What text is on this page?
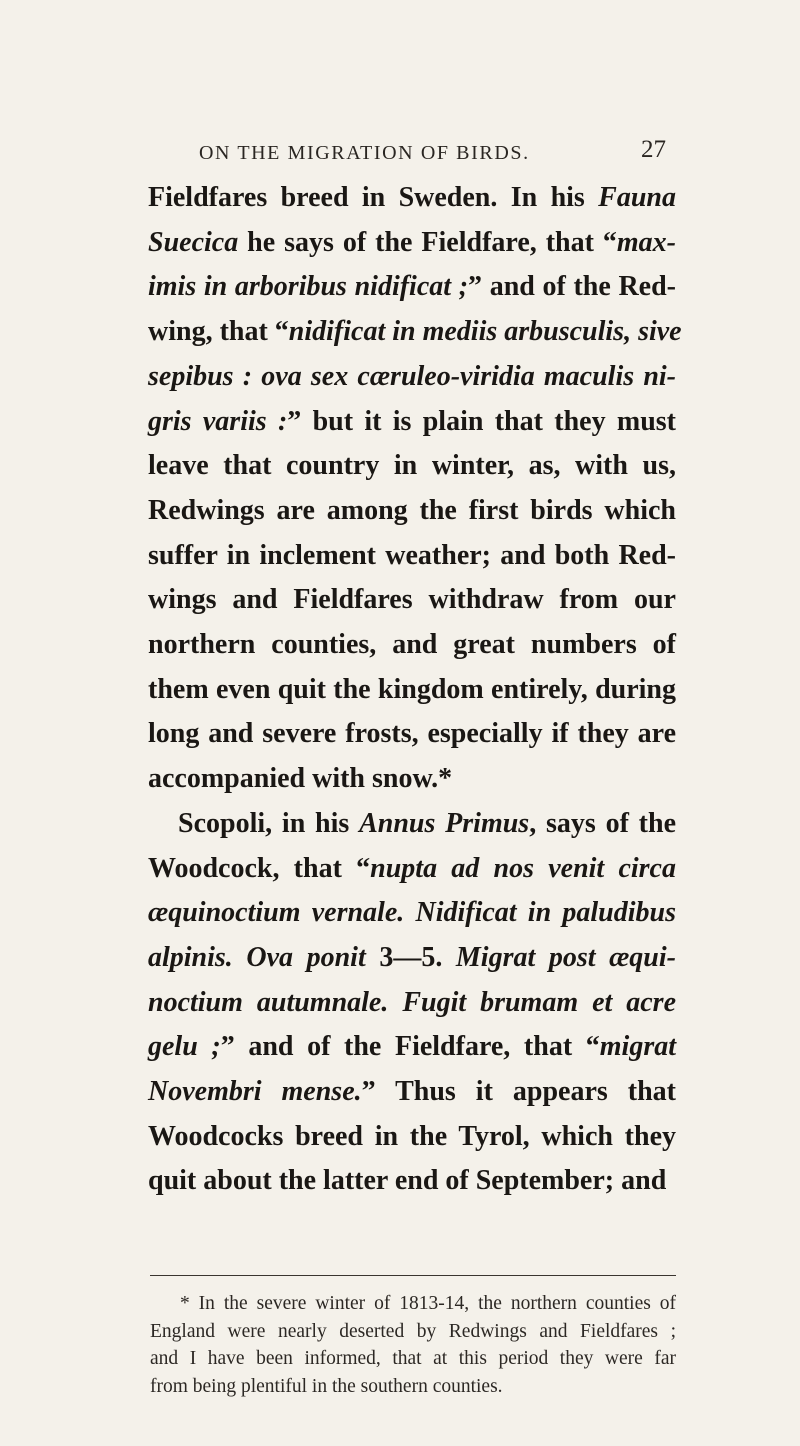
ON THE MIGRATION OF BIRDS.	27
Fieldfares breed in Sweden. In his Fauna
Suecica he says of the Fieldfare, that “max-
imis in arboribus nidificat ;” and of the Red-
wing, that “nidificat in mediis arbusculis, sive
sepibus : ova sex cæruleo-viridia maculis ni-
gris variis :” but it is plain that they must
leave that country in winter, as, with us,
Redwings are among the first birds which
suffer in inclement weather; and both Red-
wings and Fieldfares withdraw from our
northern counties, and great numbers of
them even quit the kingdom entirely, during
long and severe frosts, especially if they are
accompanied with snow.*
Scopoli, in his Annus Primus, says of the
Woodcock, that “nupta ad nos venit circa
æquinoctium vernale. Nidificat in paludibus
alpinis. Ova ponit 3—5. Migrat post æqui-
noctium autumnale. Fugit brumam et acre
gelu ;” and of the Fieldfare, that “migrat
Novembri mense.” Thus it appears that
Woodcocks breed in the Tyrol, which they
quit about the latter end of September; and
* In the severe winter of 1813-14, the northern counties of
England were nearly deserted by Redwings and Fieldfares ;
and I have been informed, that at this period they were far
from being plentiful in the southern counties.
